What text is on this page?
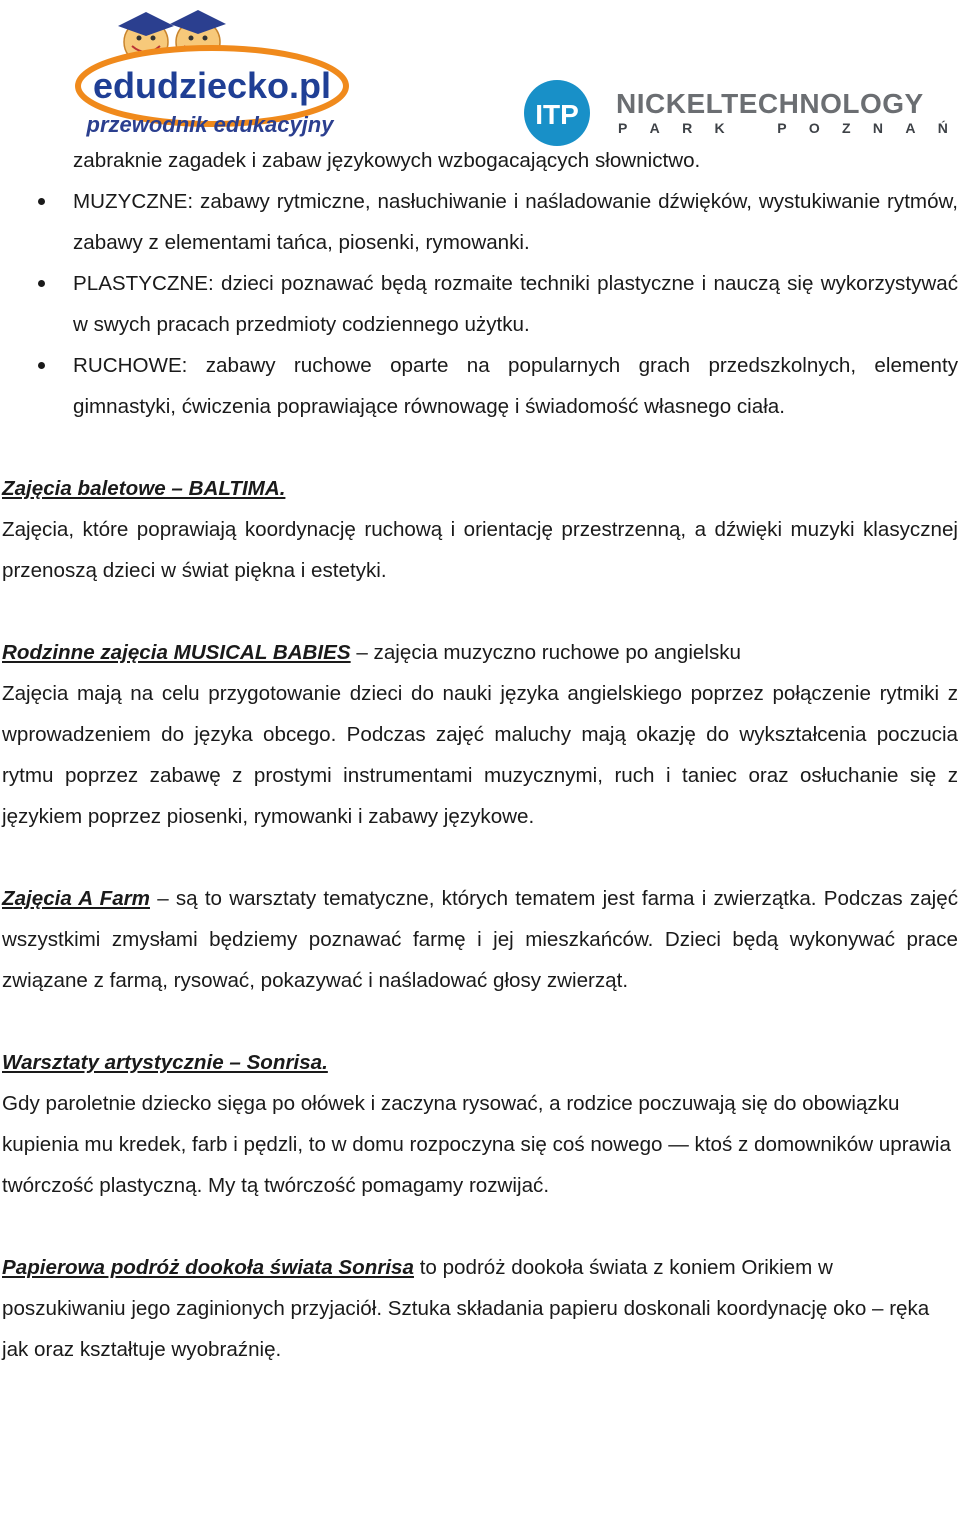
edudziecko.pl
przewodnik edukacyjny	ITP NICKELTECHNOLOGY
P A R K	P O Z N A Ń

zabraknie zagadek i zabaw językowych wzbogacających słownictwo.

MUZYCZNE: zabawy rytmiczne, nasłuchiwanie i naśladowanie dźwięków, wystukiwanie rytmów, zabawy z elementami tańca, piosenki, rymowanki.
PLASTYCZNE: dzieci poznawać będą rozmaite techniki plastyczne i nauczą się wykorzystywać w swych pracach przedmioty codziennego użytku.
RUCHOWE: zabawy ruchowe oparte na popularnych grach przedszkolnych, elementy gimnastyki, ćwiczenia poprawiające równowagę i świadomość własnego ciała.

Zajęcia baletowe – BALTIMA.

Zajęcia, które poprawiają koordynację ruchową i orientację przestrzenną, a dźwięki muzyki klasycznej przenoszą dzieci w świat piękna i estetyki.

Rodzinne zajęcia MUSICAL BABIES – zajęcia muzyczno ruchowe po angielsku

Zajęcia mają na celu przygotowanie dzieci do nauki języka angielskiego poprzez połączenie rytmiki z wprowadzeniem do języka obcego. Podczas zajęć maluchy mają okazję do wykształcenia poczucia rytmu poprzez zabawę z prostymi instrumentami muzycznymi, ruch i taniec oraz osłuchanie się z językiem poprzez piosenki, rymowanki i zabawy językowe.

Zajęcia A Farm – są to warsztaty tematyczne, których tematem jest farma i zwierzątka. Podczas zajęć wszystkimi zmysłami będziemy poznawać farmę i jej mieszkańców. Dzieci będą wykonywać prace związane z farmą, rysować, pokazywać i naśladować głosy zwierząt.

Warsztaty artystycznie – Sonrisa.

Gdy paroletnie dziecko sięga po ołówek i zaczyna rysować, a rodzice poczuwają się do obowiązku kupienia mu kredek, farb i pędzli, to w domu rozpoczyna się coś nowego — ktoś z domowników uprawia twórczość plastyczną. My tą twórczość pomagamy rozwijać.

Papierowa podróż dookoła świata Sonrisa to podróż dookoła świata z koniem Orikiem w poszukiwaniu jego zaginionych przyjaciół. Sztuka składania papieru doskonali koordynację oko – ręka jak oraz kształtuje wyobraźnię.
